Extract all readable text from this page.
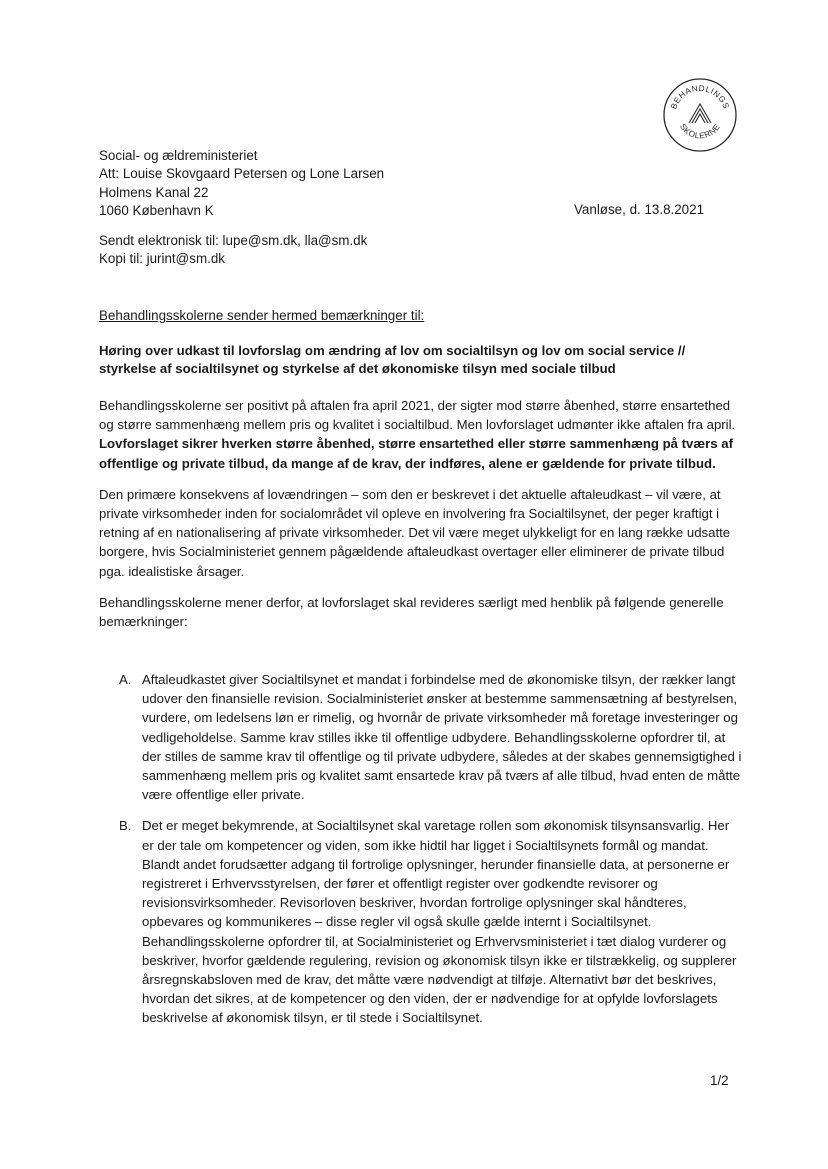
BEHANDLINGS
SKOLERNE
Social- og ældreministeriet
Att: Louise Skovgaard Petersen og Lone Larsen
Holmens Kanal 22
1060 København K	Vanløse, d. 13.8.2021
Sendt elektronisk til: lupe@sm.dk, lla@sm.dk
Kopi til: jurint@sm.dk
Behandlingsskolerne sender hermed bemærkninger til:
Høring over udkast til lovforslag om ændring af lov om socialtilsyn og lov om social service // styrkelse af socialtilsynet og styrkelse af det økonomiske tilsyn med sociale tilbud

Behandlingsskolerne ser positivt på aftalen fra april 2021, der sigter mod større åbenhed, større ensartethed og større sammenhæng mellem pris og kvalitet i socialtilbud. Men lovforslaget udmønter ikke aftalen fra april. Lovforslaget sikrer hverken større åbenhed, større ensartethed eller større sammenhæng på tværs af offentlige og private tilbud, da mange af de krav, der indføres, alene er gældende for private tilbud.

Den primære konsekvens af lovændringen – som den er beskrevet i det aktuelle aftaleudkast – vil være, at private virksomheder inden for socialområdet vil opleve en involvering fra Socialtilsynet, der peger kraftigt i retning af en nationalisering af private virksomheder. Det vil være meget ulykkeligt for en lang række udsatte borgere, hvis Socialministeriet gennem pågældende aftaleudkast overtager eller eliminerer de private tilbud pga. idealistiske årsager.

Behandlingsskolerne mener derfor, at lovforslaget skal revideres særligt med henblik på følgende generelle bemærkninger:

A. Aftaleudkastet giver Socialtilsynet et mandat i forbindelse med de økonomiske tilsyn, der rækker langt udover den finansielle revision. Socialministeriet ønsker at bestemme sammensætning af bestyrelsen, vurdere, om ledelsens løn er rimelig, og hvornår de private virksomheder må foretage investeringer og vedligeholdelse. Samme krav stilles ikke til offentlige udbydere. Behandlingsskolerne opfordrer til, at der stilles de samme krav til offentlige og til private udbydere, således at der skabes gennemsigtighed i sammenhæng mellem pris og kvalitet samt ensartede krav på tværs af alle tilbud, hvad enten de måtte være offentlige eller private.
B. Det er meget bekymrende, at Socialtilsynet skal varetage rollen som økonomisk tilsynsansvarlig. Her er der tale om kompetencer og viden, som ikke hidtil har ligget i Socialtilsynets formål og mandat. Blandt andet forudsætter adgang til fortrolige oplysninger, herunder finansielle data, at personerne er registreret i Erhvervsstyrelsen, der fører et offentligt register over godkendte revisorer og revisionsvirksomheder. Revisorloven beskriver, hvordan fortrolige oplysninger skal håndteres, opbevares og kommunikeres – disse regler vil også skulle gælde internt i Socialtilsynet. Behandlingsskolerne opfordrer til, at Socialministeriet og Erhvervsministeriet i tæt dialog vurderer og beskriver, hvorfor gældende regulering, revision og økonomisk tilsyn ikke er tilstrækkelig, og supplerer årsregnskabsloven med de krav, det måtte være nødvendigt at tilføje. Alternativt bør det beskrives, hvordan det sikres, at de kompetencer og den viden, der er nødvendige for at opfylde lovforslagets beskrivelse af økonomisk tilsyn, er til stede i Socialtilsynet.
1/2
